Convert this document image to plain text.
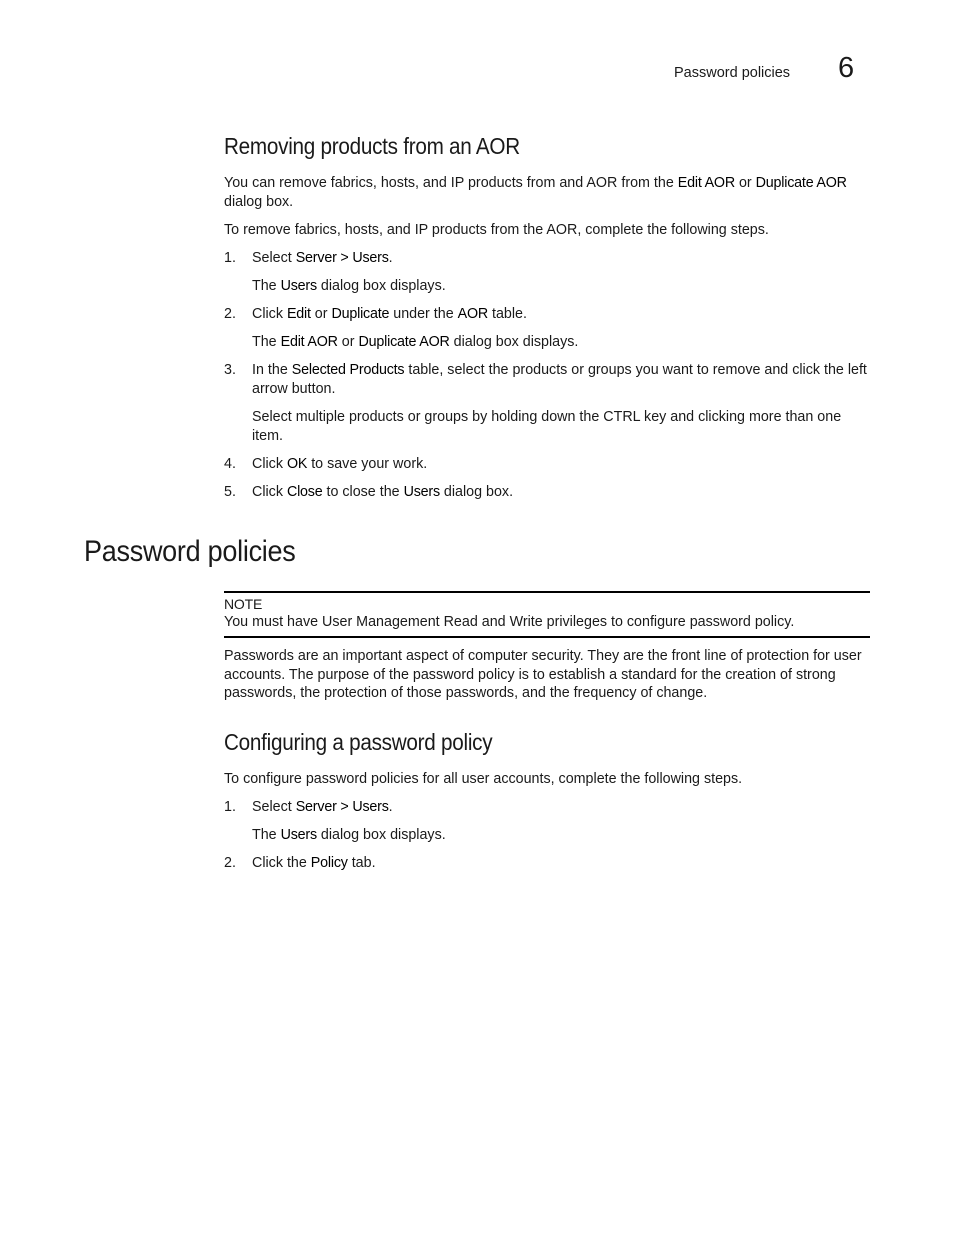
Password policies 6
Removing products from an AOR

You can remove fabrics, hosts, and IP products from and AOR from the Edit AOR or Duplicate AOR
dialog box.

To remove fabrics, hosts, and IP products from the AOR, complete the following steps.

1. Select Server > Users.

The Users dialog box displays.

2. Click Edit or Duplicate under the AOR table.

The Edit AOR or Duplicate AOR dialog box displays.

3. In the Selected Products table, select the products or groups you want to remove and click the left arrow button.

Select multiple products or groups by holding down the CTRL key and clicking more than one item.

4. Click OK to save your work.
5. Click Close to close the Users dialog box.
Password policies
NOTE
You must have User Management Read and Write privileges to configure password policy.

Passwords are an important aspect of computer security. They are the front line of protection for user accounts. The purpose of the password policy is to establish a standard for the creation of strong passwords, the protection of those passwords, and the frequency of change.

Configuring a password policy

To configure password policies for all user accounts, complete the following steps.

1. Select Server > Users.

The Users dialog box displays.

2. Click the Policy tab.
